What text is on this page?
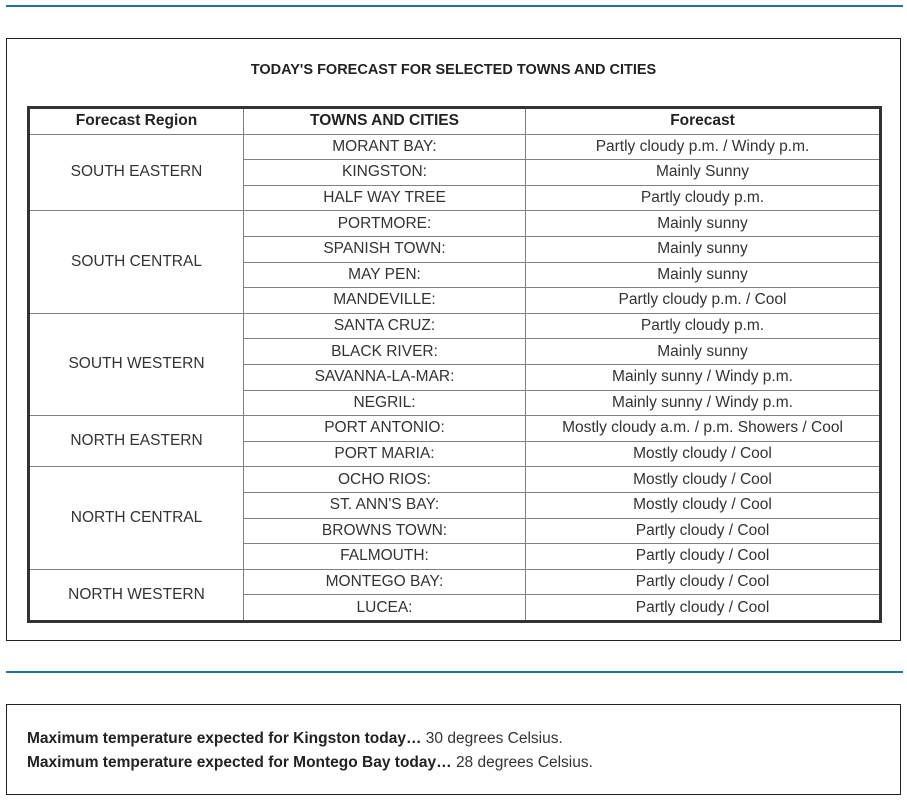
TODAY'S FORECAST FOR SELECTED TOWNS AND CITIES
Forecast Region	TOWNS AND CITIES	Forecast
SOUTH EASTERN	MORANT BAY:	Partly cloudy p.m. / Windy p.m.
	KINGSTON:	Mainly Sunny
	HALF WAY TREE	Partly cloudy p.m.
SOUTH CENTRAL	PORTMORE:	Mainly sunny
	SPANISH TOWN:	Mainly sunny
	MAY PEN:	Mainly sunny
	MANDEVILLE:	Partly cloudy p.m. / Cool
SOUTH WESTERN	SANTA CRUZ:	Partly cloudy p.m.
	BLACK RIVER:	Mainly sunny
	SAVANNA-LA-MAR:	Mainly sunny / Windy p.m.
	NEGRIL:	Mainly sunny / Windy p.m.
NORTH EASTERN	PORT ANTONIO:	Mostly cloudy a.m. / p.m. Showers / Cool
	PORT MARIA:	Mostly cloudy / Cool
NORTH CENTRAL	OCHO RIOS:	Mostly cloudy / Cool
	ST. ANN'S BAY:	Mostly cloudy / Cool
	BROWNS TOWN:	Partly cloudy / Cool
	FALMOUTH:	Partly cloudy / Cool
NORTH WESTERN	MONTEGO BAY:	Partly cloudy / Cool
	LUCEA:	Partly cloudy / Cool
Maximum temperature expected for Kingston today… 30 degrees Celsius.
Maximum temperature expected for Montego Bay today… 28 degrees Celsius.
